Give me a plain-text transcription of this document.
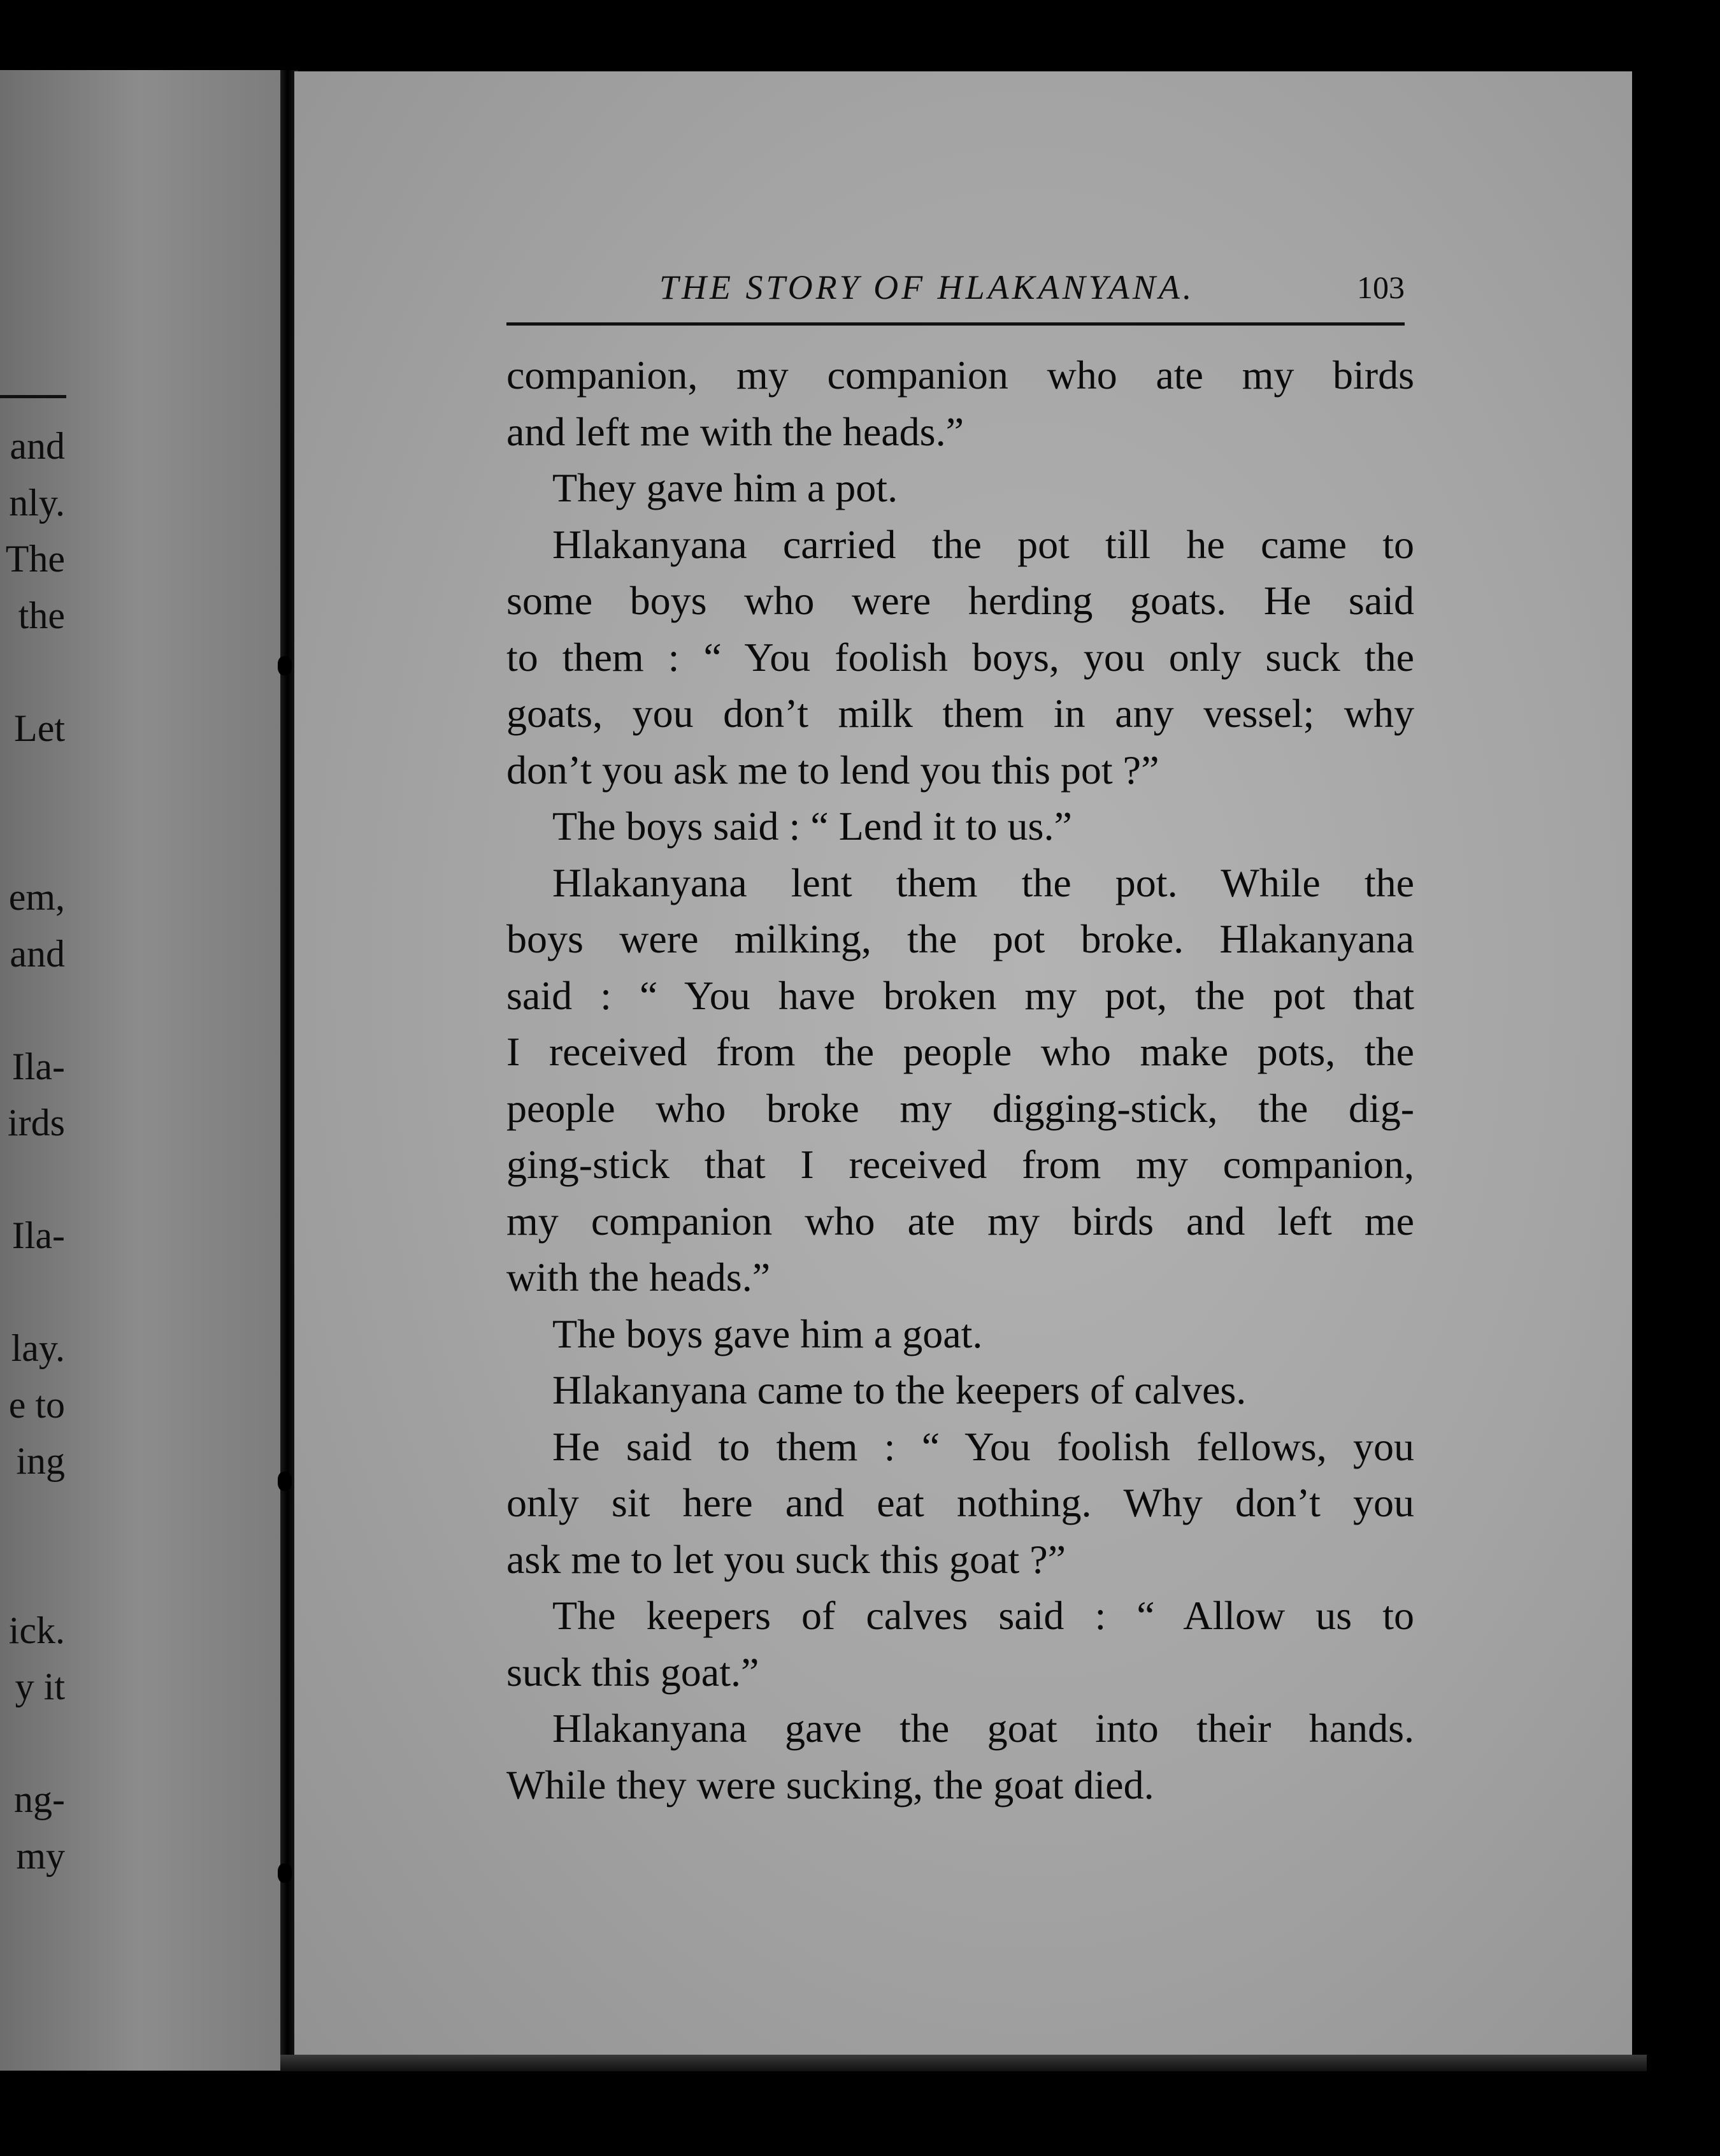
and
nly.
The
the
Let
em,
and
Ila-
irds
Ila-
lay.
e to
ing
ick.
y it
ng-
my
THE STORY OF HLAKANYANA.	103
companion, my companion who ate my birds
and left me with the heads.”
They gave him a pot.
Hlakanyana carried the pot till he came to
some boys who were herding goats. He said
to them : “ You foolish boys, you only suck the
goats, you don’t milk them in any vessel; why
don’t you ask me to lend you this pot ?”
The boys said : “ Lend it to us.”
Hlakanyana lent them the pot. While the
boys were milking, the pot broke. Hlakanyana
said : “ You have broken my pot, the pot that
I received from the people who make pots, the
people who broke my digging-stick, the dig-
ging-stick that I received from my companion,
my companion who ate my birds and left me
with the heads.”
The boys gave him a goat.
Hlakanyana came to the keepers of calves.
He said to them : “ You foolish fellows, you
only sit here and eat nothing. Why don’t you
ask me to let you suck this goat ?”
The keepers of calves said : “ Allow us to
suck this goat.”
Hlakanyana gave the goat into their hands.
While they were sucking, the goat died.
